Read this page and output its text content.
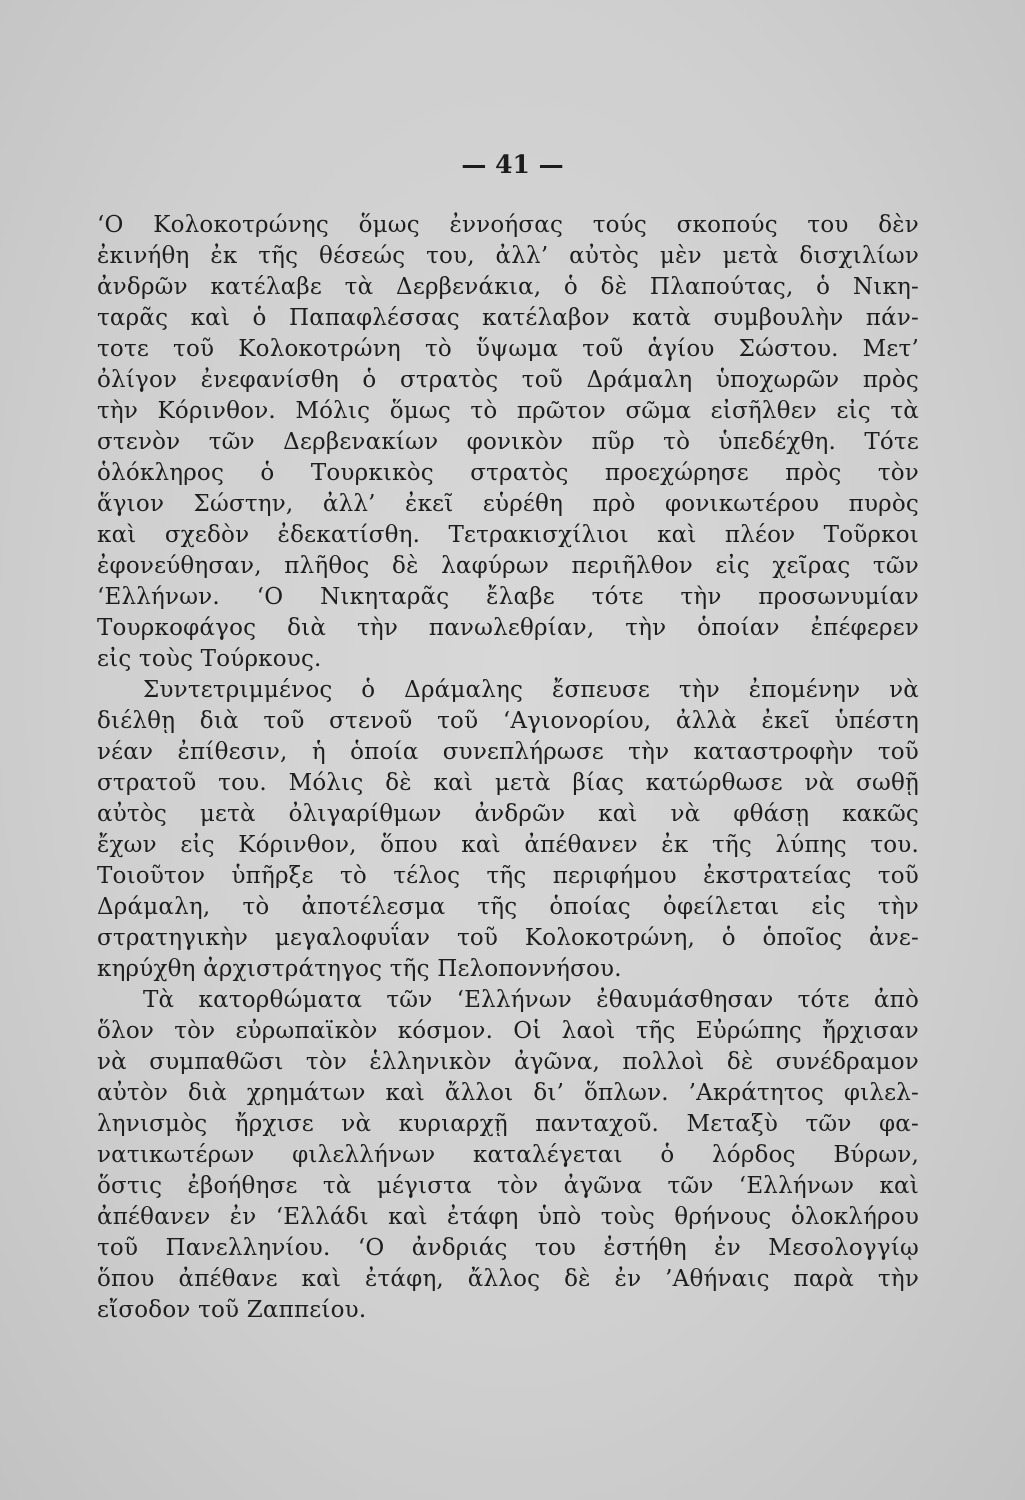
— 41 —

‘Ο Κολοκοτρώνης ὅμως ἐννοήσας τούς σκοπούς του δὲν
ἐκινήθη ἐκ τῆς θέσεώς του, ἀλλ’ αὐτὸς μὲν μετὰ δισχιλίων
ἀνδρῶν κατέλαβε τὰ Δερβενάκια, ὁ δὲ Πλαπούτας, ὁ Νικη-
ταρᾶς καὶ ὁ Παπαφλέσσας κατέλαβον κατὰ συμβουλὴν πάν-
τοτε τοῦ Κολοκοτρώνη τὸ ὕψωμα τοῦ ἁγίου Σώστου. Μετ’
ὀλίγον ἐνεφανίσθη ὁ στρατὸς τοῦ Δράμαλη ὑποχωρῶν πρὸς
τὴν Κόρινθον. Μόλις ὅμως τὸ πρῶτον σῶμα εἰσῆλθεν εἰς τὰ
στενὸν τῶν Δερβενακίων φονικὸν πῦρ τὸ ὑπεδέχθη. Τότε
ὁλόκληρος ὁ Τουρκικὸς στρατὸς προεχώρησε πρὸς τὸν
ἅγιον Σώστην, ἀλλ’ ἐκεῖ εὑρέθη πρὸ φονικωτέρου πυρὸς
καὶ σχεδὸν ἐδεκατίσθη. Τετρακισχίλιοι καὶ πλέον Τοῦρκοι
ἐφονεύθησαν, πλῆθος δὲ λαφύρων περιῆλθον εἰς χεῖρας τῶν
‘Ελλήνων. ‘Ο Νικηταρᾶς ἔλαβε τότε τὴν προσωνυμίαν
Τουρκοφάγος διὰ τὴν πανωλεθρίαν, τὴν ὁποίαν ἐπέφερεν
εἰς τοὺς Τούρκους.

Συντετριμμένος ὁ Δράμαλης ἔσπευσε τὴν ἐπομένην νὰ
διέλθῃ διὰ τοῦ στενοῦ τοῦ ‘Αγιονορίου, ἀλλὰ ἐκεῖ ὑπέστη
νέαν ἐπίθεσιν, ἡ ὁποία συνεπλήρωσε τὴν καταστροφὴν τοῦ
στρατοῦ του. Μόλις δὲ καὶ μετὰ βίας κατώρθωσε νὰ σωθῇ
αὐτὸς μετὰ ὀλιγαρίθμων ἀνδρῶν καὶ νὰ φθάσῃ κακῶς
ἔχων εἰς Κόρινθον, ὅπου καὶ ἀπέθανεν ἐκ τῆς λύπης του.
Τοιοῦτον ὑπῆρξε τὸ τέλος τῆς περιφήμου ἐκστρατείας τοῦ
Δράμαλη, τὸ ἀποτέλεσμα τῆς ὁποίας ὀφείλεται εἰς τὴν
στρατηγικὴν μεγαλοφυΐαν τοῦ Κολοκοτρώνη, ὁ ὁποῖος ἀνε-
κηρύχθη ἀρχιστράτηγος τῆς Πελοποννήσου.

Τὰ κατορθώματα τῶν ‘Ελλήνων ἐθαυμάσθησαν τότε ἀπὸ
ὅλον τὸν εὐρωπαϊκὸν κόσμον. Οἱ λαοὶ τῆς Εὐρώπης ἤρχισαν
νὰ συμπαθῶσι τὸν ἑλληνικὸν ἀγῶνα, πολλοὶ δὲ συνέδραμον
αὐτὸν διὰ χρημάτων καὶ ἄλλοι δι’ ὅπλων. ’Ακράτητος φιλελ-
ληνισμὸς ἤρχισε νὰ κυριαρχῇ πανταχοῦ. Μεταξὺ τῶν φα-
νατικωτέρων φιλελλήνων καταλέγεται ὁ λόρδος Βύρων,
ὅστις ἐβοήθησε τὰ μέγιστα τὸν ἀγῶνα τῶν ‘Ελλήνων καὶ
ἀπέθανεν ἐν ‘Ελλάδι καὶ ἐτάφη ὑπὸ τοὺς θρήνους ὁλοκλήρου
τοῦ Πανελληνίου. ‘Ο ἀνδριάς του ἐστήθη ἐν Μεσολογγίῳ
ὅπου ἀπέθανε καὶ ἐτάφη, ἄλλος δὲ ἐν ’Αθήναις παρὰ τὴν
εἴσοδον τοῦ Ζαππείου.
